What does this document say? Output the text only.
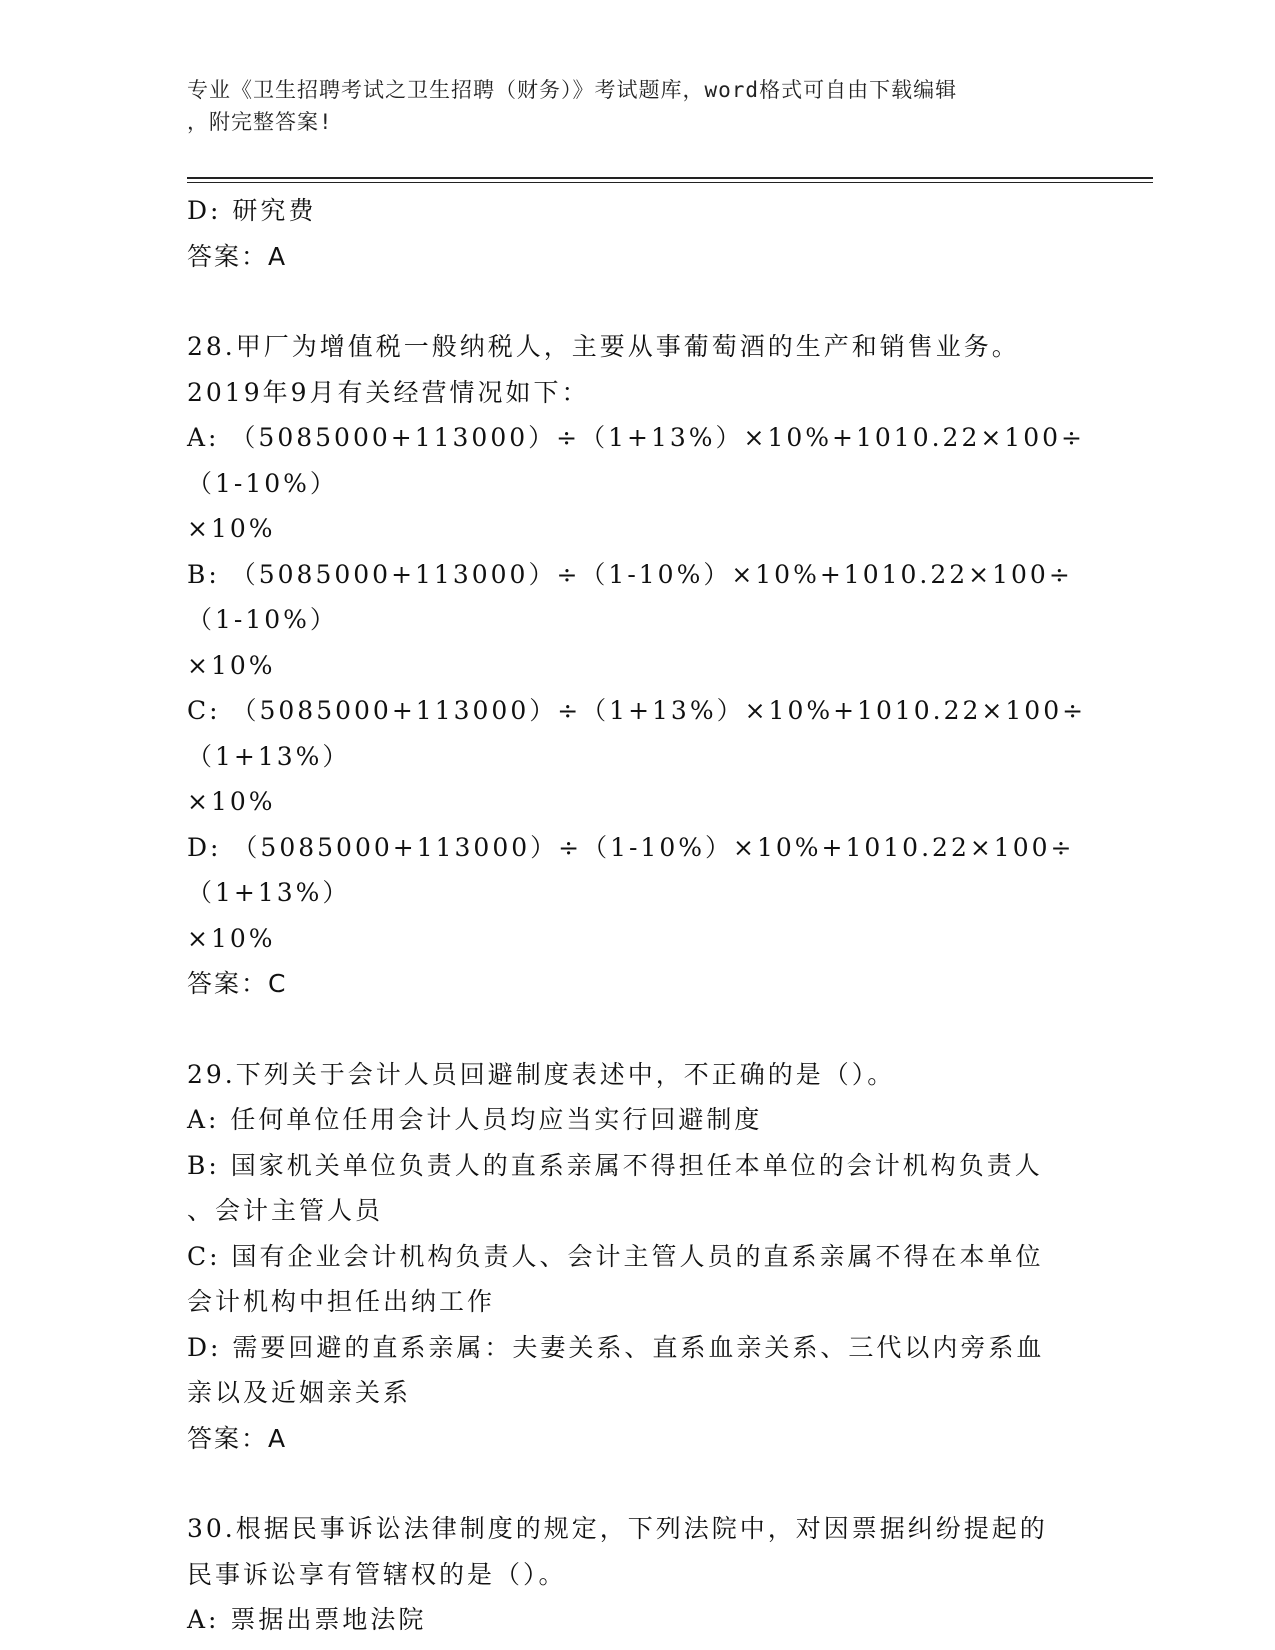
专业《卫生招聘考试之卫生招聘（财务）》考试题库，word格式可自由下载编辑
，附完整答案!
D: 研究费
答案：A
28.甲厂为增值税一般纳税人，主要从事葡萄酒的生产和销售业务。
2019年9月有关经营情况如下：
A: （5085000+113000）÷（1+13%）×10%+1010.22×100÷（1-10%）
×10%
B: （5085000+113000）÷（1-10%）×10%+1010.22×100÷（1-10%）
×10%
C: （5085000+113000）÷（1+13%）×10%+1010.22×100÷（1+13%）
×10%
D: （5085000+113000）÷（1-10%）×10%+1010.22×100÷（1+13%）
×10%
答案：C
29.下列关于会计人员回避制度表述中，不正确的是（）。
A: 任何单位任用会计人员均应当实行回避制度
B: 国家机关单位负责人的直系亲属不得担任本单位的会计机构负责人
、会计主管人员
C: 国有企业会计机构负责人、会计主管人员的直系亲属不得在本单位
会计机构中担任出纳工作
D: 需要回避的直系亲属：夫妻关系、直系血亲关系、三代以内旁系血
亲以及近姻亲关系
答案：A
30.根据民事诉讼法律制度的规定，下列法院中，对因票据纠纷提起的
民事诉讼享有管辖权的是（）。
A: 票据出票地法院
